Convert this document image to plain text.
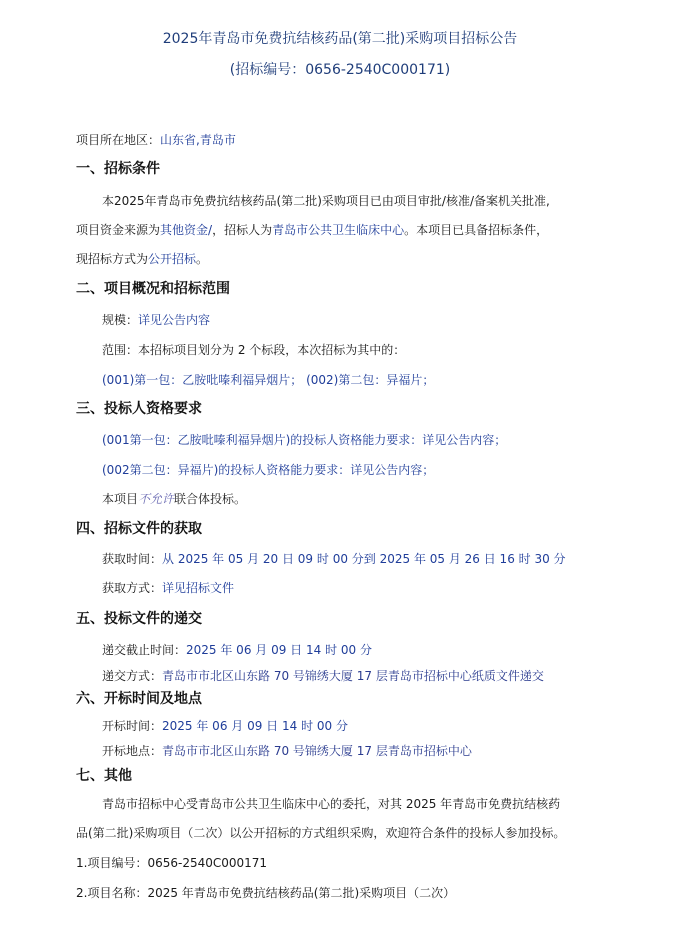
2025年青岛市免费抗结核药品(第二批)采购项目招标公告
(招标编号：0656-2540C000171)
项目所在地区：山东省,青岛市
一、招标条件
本2025年青岛市免费抗结核药品(第二批)采购项目已由项目审批/核准/备案机关批准,
项目资金来源为其他资金/，招标人为青岛市公共卫生临床中心。本项目已具备招标条件，
现招标方式为公开招标。
二、项目概况和招标范围
规模：详见公告内容
范围：本招标项目划分为 2 个标段，本次招标为其中的：
(001)第一包：乙胺吡嗪利福异烟片； (002)第二包：异福片；
三、投标人资格要求
(001第一包：乙胺吡嗪利福异烟片)的投标人资格能力要求：详见公告内容；
(002第二包：异福片)的投标人资格能力要求：详见公告内容；
本项目不允许联合体投标。
四、招标文件的获取
获取时间：从 2025 年 05 月 20 日 09 时 00 分到 2025 年 05 月 26 日 16 时 30 分
获取方式：详见招标文件
五、投标文件的递交
递交截止时间：2025 年 06 月 09 日 14 时 00 分
递交方式：青岛市市北区山东路 70 号锦绣大厦 17 层青岛市招标中心纸质文件递交
六、开标时间及地点
开标时间：2025 年 06 月 09 日 14 时 00 分
开标地点：青岛市市北区山东路 70 号锦绣大厦 17 层青岛市招标中心
七、其他
青岛市招标中心受青岛市公共卫生临床中心的委托，对其 2025 年青岛市免费抗结核药
品(第二批)采购项目（二次）以公开招标的方式组织采购，欢迎符合条件的投标人参加投标。
1.项目编号：0656-2540C000171
2.项目名称：2025 年青岛市免费抗结核药品(第二批)采购项目（二次）
